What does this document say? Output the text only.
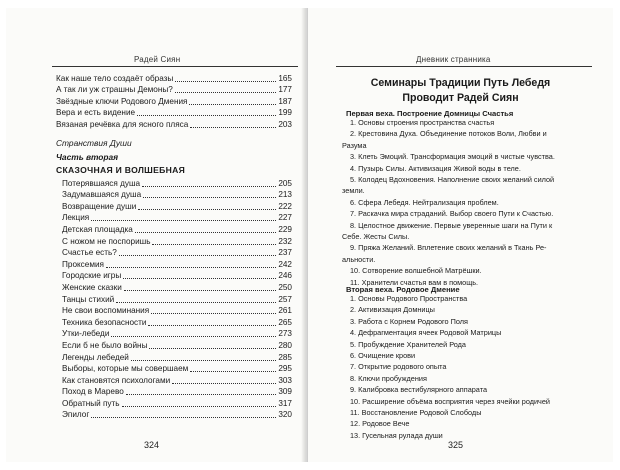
Радей Сиян
Как наше тело создаёт образы	165
А так ли уж страшны Демоны?	177
Звёздные ключи Родового Дмения	187
Вера и есть видение	199
Вязаная речёвка для ясного пляса	203
Странствия Души
Часть вторая
СКАЗОЧНАЯ И ВОЛШЕБНАЯ
Потерявшаяся душа	205
Задумавшаяся душа	213
Возвращение души	222
Лекция	227
Детская площадка	229
С ножом не поспоришь	232
Счастье есть?	237
Проксемия	242
Городские игры	246
Женские сказки	250
Танцы стихий	257
Не свои воспоминания	261
Техника безопасности	265
Утки-лебеди	273
Если б не было войны	280
Легенды лебедей	285
Выборы, которые мы совершаем	295
Как становятся психологами	303
Поход в Марево	309
Обратный путь	317
Эпилог	320
324
Дневник странника
Семинары Традиции Путь Лебедя
Проводит Радей Сиян
Первая веха. Построение Домницы Счастья
1. Основы строения пространства счастья
2. Крестовина Духа. Объединение потоков Воли, Любви и
Разума
3. Клеть Эмоций. Трансформация эмоций в чистые чувства.
4. Пузырь Силы. Активизация Живой воды в теле.
5. Колодец Вдохновения. Наполнение своих желаний силой
земли.
6. Сфера Лебедя. Нейтрализация проблем.
7. Раскачка мира страданий. Выбор своего Пути к Счастью.
8. Целостное движение. Первые уверенные шаги на Пути к
Себе. Жесты Силы.
9. Пряжа Желаний. Вплетение своих желаний в Ткань Ре-
альности.
10. Сотворение волшебной Матрёшки.
11. Хранители счастья вам в помощь.
Вторая веха. Родовое Дмение
1. Основы Родового Пространства
2. Активизация Домницы
3. Работа с Корнем Родового Поля
4. Дефрагментация ячеек Родовой Матрицы
5. Пробуждение Хранителей Рода
6. Очищение крови
7. Открытие родового опыта
8. Ключи пробуждения
9. Калибровка вестибулярного аппарата
10. Расширение объёма восприятия через ячейки родичей
11. Восстановление Родовой Слободы
12. Родовое Вече
13. Гусельная рулада души
325
